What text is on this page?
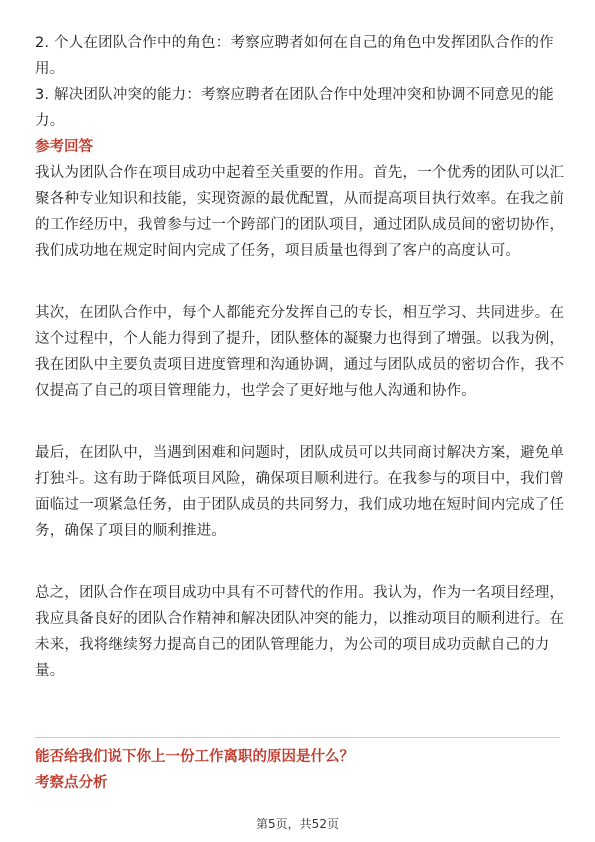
2. 个人在团队合作中的角色：考察应聘者如何在自己的角色中发挥团队合作的作
用。
3. 解决团队冲突的能力：考察应聘者在团队合作中处理冲突和协调不同意见的能
力。
参考回答
我认为团队合作在项目成功中起着至关重要的作用。首先，一个优秀的团队可以汇
聚各种专业知识和技能，实现资源的最优配置，从而提高项目执行效率。在我之前
的工作经历中，我曾参与过一个跨部门的团队项目，通过团队成员间的密切协作，
我们成功地在规定时间内完成了任务，项目质量也得到了客户的高度认可。
其次，在团队合作中，每个人都能充分发挥自己的专长，相互学习、共同进步。在
这个过程中，个人能力得到了提升，团队整体的凝聚力也得到了增强。以我为例，
我在团队中主要负责项目进度管理和沟通协调，通过与团队成员的密切合作，我不
仅提高了自己的项目管理能力，也学会了更好地与他人沟通和协作。
最后，在团队中，当遇到困难和问题时，团队成员可以共同商讨解决方案，避免单
打独斗。这有助于降低项目风险，确保项目顺利进行。在我参与的项目中，我们曾
面临过一项紧急任务，由于团队成员的共同努力，我们成功地在短时间内完成了任
务，确保了项目的顺利推进。
总之，团队合作在项目成功中具有不可替代的作用。我认为，作为一名项目经理，
我应具备良好的团队合作精神和解决团队冲突的能力，以推动项目的顺利进行。在
未来，我将继续努力提高自己的团队管理能力，为公司的项目成功贡献自己的力
量。
能否给我们说下你上一份工作离职的原因是什么？
考察点分析
第5页，共52页
